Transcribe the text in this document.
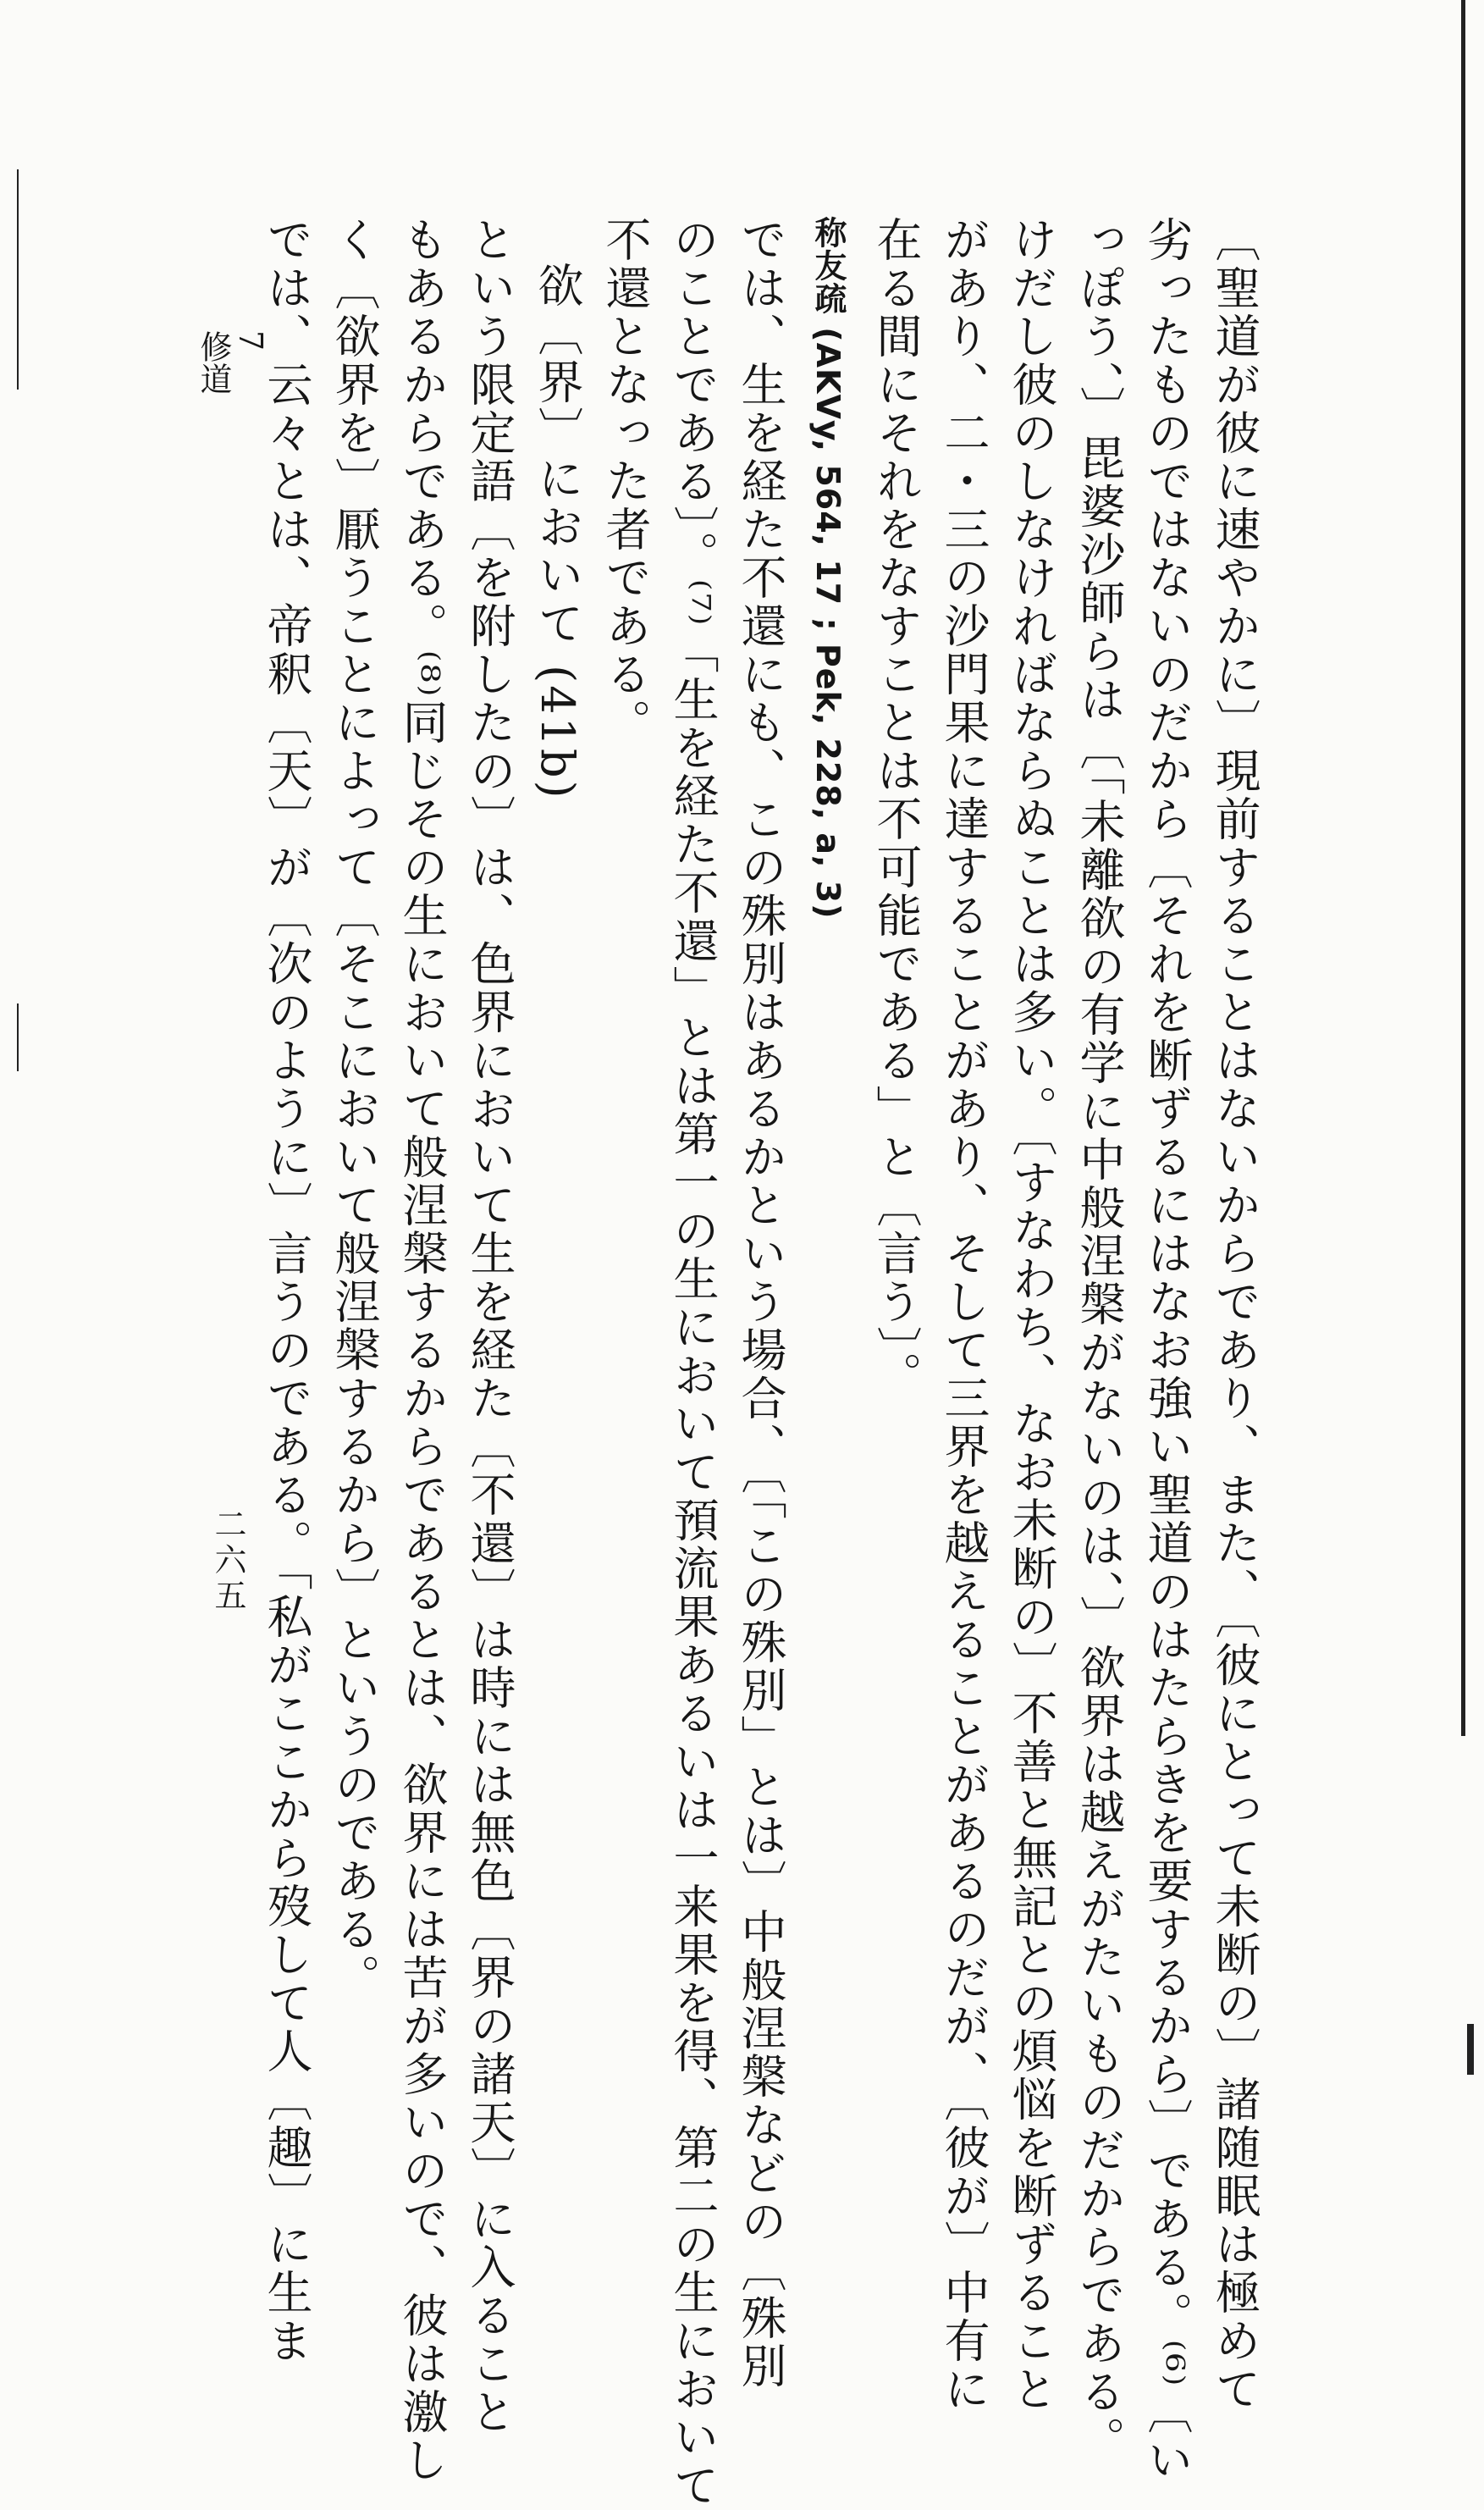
〔聖道が彼に速やかに〕現前することはないからであり、また、〔彼にとって未断の〕諸随眠は極めて

劣ったものではないのだから〔それを断ずるにはなお強い聖道のはたらきを要するから〕である。⁽⁶⁾〔い

っぽう、〕毘婆沙師らは〔「未離欲の有学に中般涅槃がないのは、〕欲界は越えがたいものだからである。

けだし彼のしなければならぬことは多い。〔すなわち、なお未断の〕不善と無記との煩悩を断ずること

があり、二・三の沙門果に達することがあり、そして三界を越えることがあるのだが、〔彼が〕中有に

在る間にそれをなすことは不可能である」と〔言う〕。

称友疏 (AKVy, 564, 17 ; Pek, 228, a, 3)

では、生を経た不還にも、この殊別はあるかという場合、〔「この殊別」とは〕中般涅槃などの〔殊別

のことである〕。⁽⁷⁾「生を経た不還」とは第一の生において預流果あるいは一来果を得、第二の生において

不還となった者である。

欲〔界〕において (41b)

という限定語〔を附したの〕は、色界において生を経た〔不還〕は時には無色〔界の諸天〕に入ること

もあるからである。⁽⁸⁾同じその生において般涅槃するからであるとは、欲界には苦が多いので、彼は激し

く〔欲界を〕厭うことによって〔そこにおいて般涅槃するから〕というのである。

では、云々とは、帝釈〔天〕が〔次のように〕言うのである。「私がここから歿して人〔趣〕に生ま

7
修道
二六五
